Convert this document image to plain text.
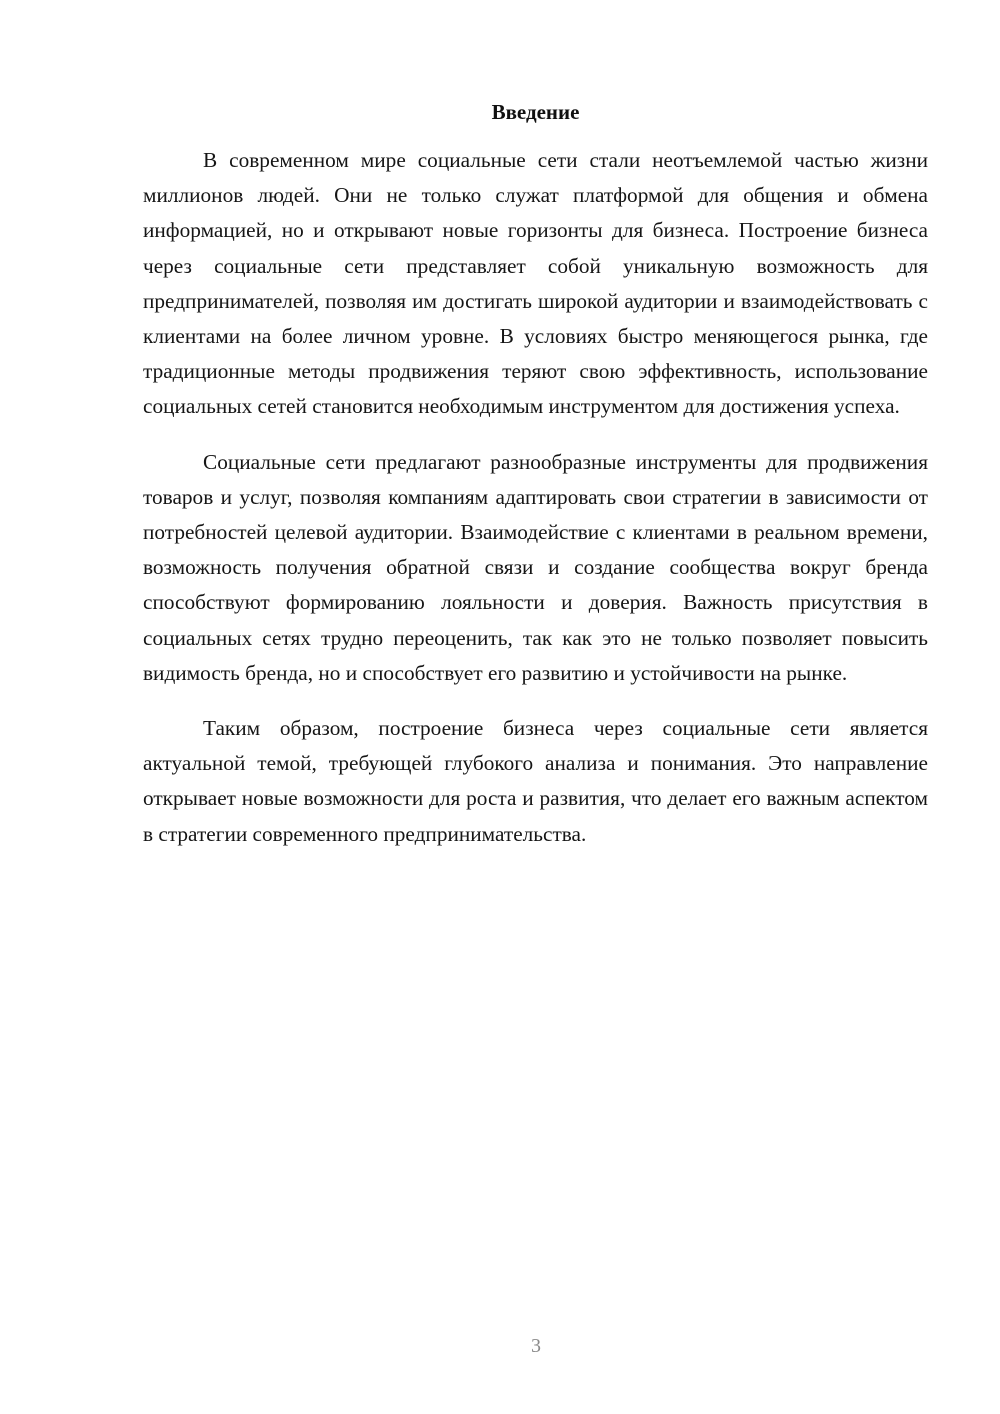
Введение

В современном мире социальные сети стали неотъемлемой частью жизни миллионов людей. Они не только служат платформой для общения и обмена информацией, но и открывают новые горизонты для бизнеса. Построение бизнеса через социальные сети представляет собой уникальную возможность для предпринимателей, позволяя им достигать широкой аудитории и взаимодействовать с клиентами на более личном уровне. В условиях быстро меняющегося рынка, где традиционные методы продвижения теряют свою эффективность, использование социальных сетей становится необходимым инструментом для достижения успеха.

Социальные сети предлагают разнообразные инструменты для продвижения товаров и услуг, позволяя компаниям адаптировать свои стратегии в зависимости от потребностей целевой аудитории. Взаимодействие с клиентами в реальном времени, возможность получения обратной связи и создание сообщества вокруг бренда способствуют формированию лояльности и доверия. Важность присутствия в социальных сетях трудно переоценить, так как это не только позволяет повысить видимость бренда, но и способствует его развитию и устойчивости на рынке.

Таким образом, построение бизнеса через социальные сети является актуальной темой, требующей глубокого анализа и понимания. Это направление открывает новые возможности для роста и развития, что делает его важным аспектом в стратегии современного предпринимательства.

3
